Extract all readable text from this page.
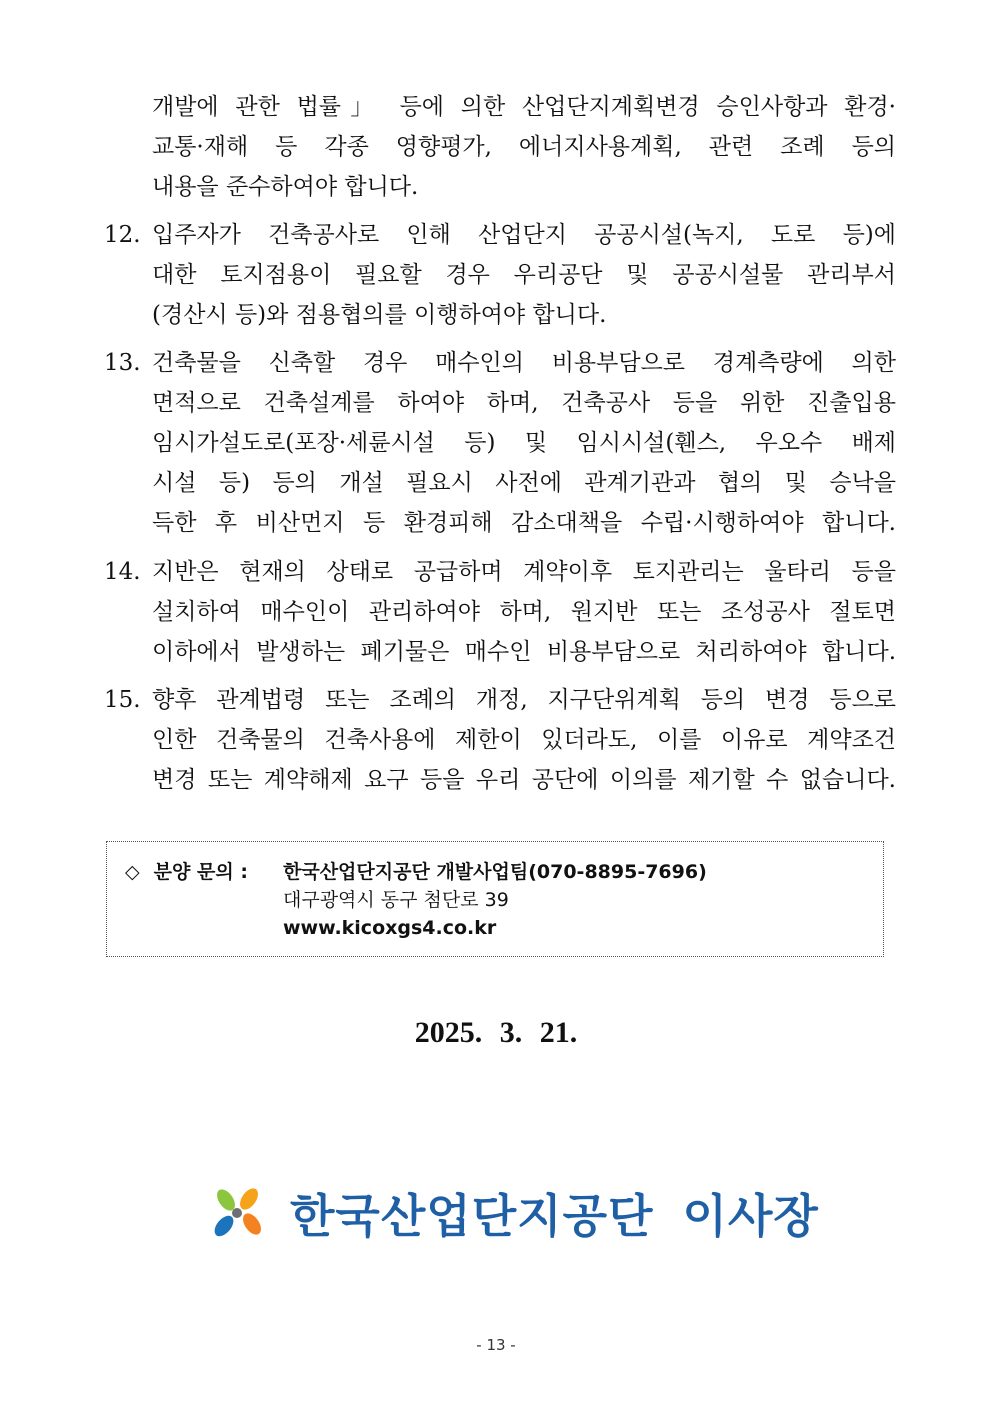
개발에 관한 법률」 등에 의한 산업단지계획변경 승인사항과 환경·
교통·재해 등 각종 영향평가, 에너지사용계획, 관련 조례 등의
내용을 준수하여야 합니다.
12. 입주자가 건축공사로 인해 산업단지 공공시설(녹지, 도로 등)에
대한 토지점용이 필요할 경우 우리공단 및 공공시설물 관리부서
(경산시 등)와 점용협의를 이행하여야 합니다.
13. 건축물을 신축할 경우 매수인의 비용부담으로 경계측량에 의한
면적으로 건축설계를 하여야 하며, 건축공사 등을 위한 진출입용
임시가설도로(포장·세륜시설 등) 및 임시시설(휀스, 우오수 배제
시설 등) 등의 개설 필요시 사전에 관계기관과 협의 및 승낙을
득한 후 비산먼지 등 환경피해 감소대책을 수립·시행하여야 합니다.
14. 지반은 현재의 상태로 공급하며 계약이후 토지관리는 울타리 등을
설치하여 매수인이 관리하여야 하며, 원지반 또는 조성공사 절토면
이하에서 발생하는 폐기물은 매수인 비용부담으로 처리하여야 합니다.
15. 향후 관계법령 또는 조례의 개정, 지구단위계획 등의 변경 등으로
인한 건축물의 건축사용에 제한이 있더라도, 이를 이유로 계약조건
변경 또는 계약해제 요구 등을 우리 공단에 이의를 제기할 수 없습니다.
◇ 분양 문의 : 한국산업단지공단 개발사업팀(070-8895-7696)
대구광역시 동구 첨단로 39
www.kicoxgs4.co.kr
2025. 3. 21.
한국산업단지공단 이사장
- 13 -
